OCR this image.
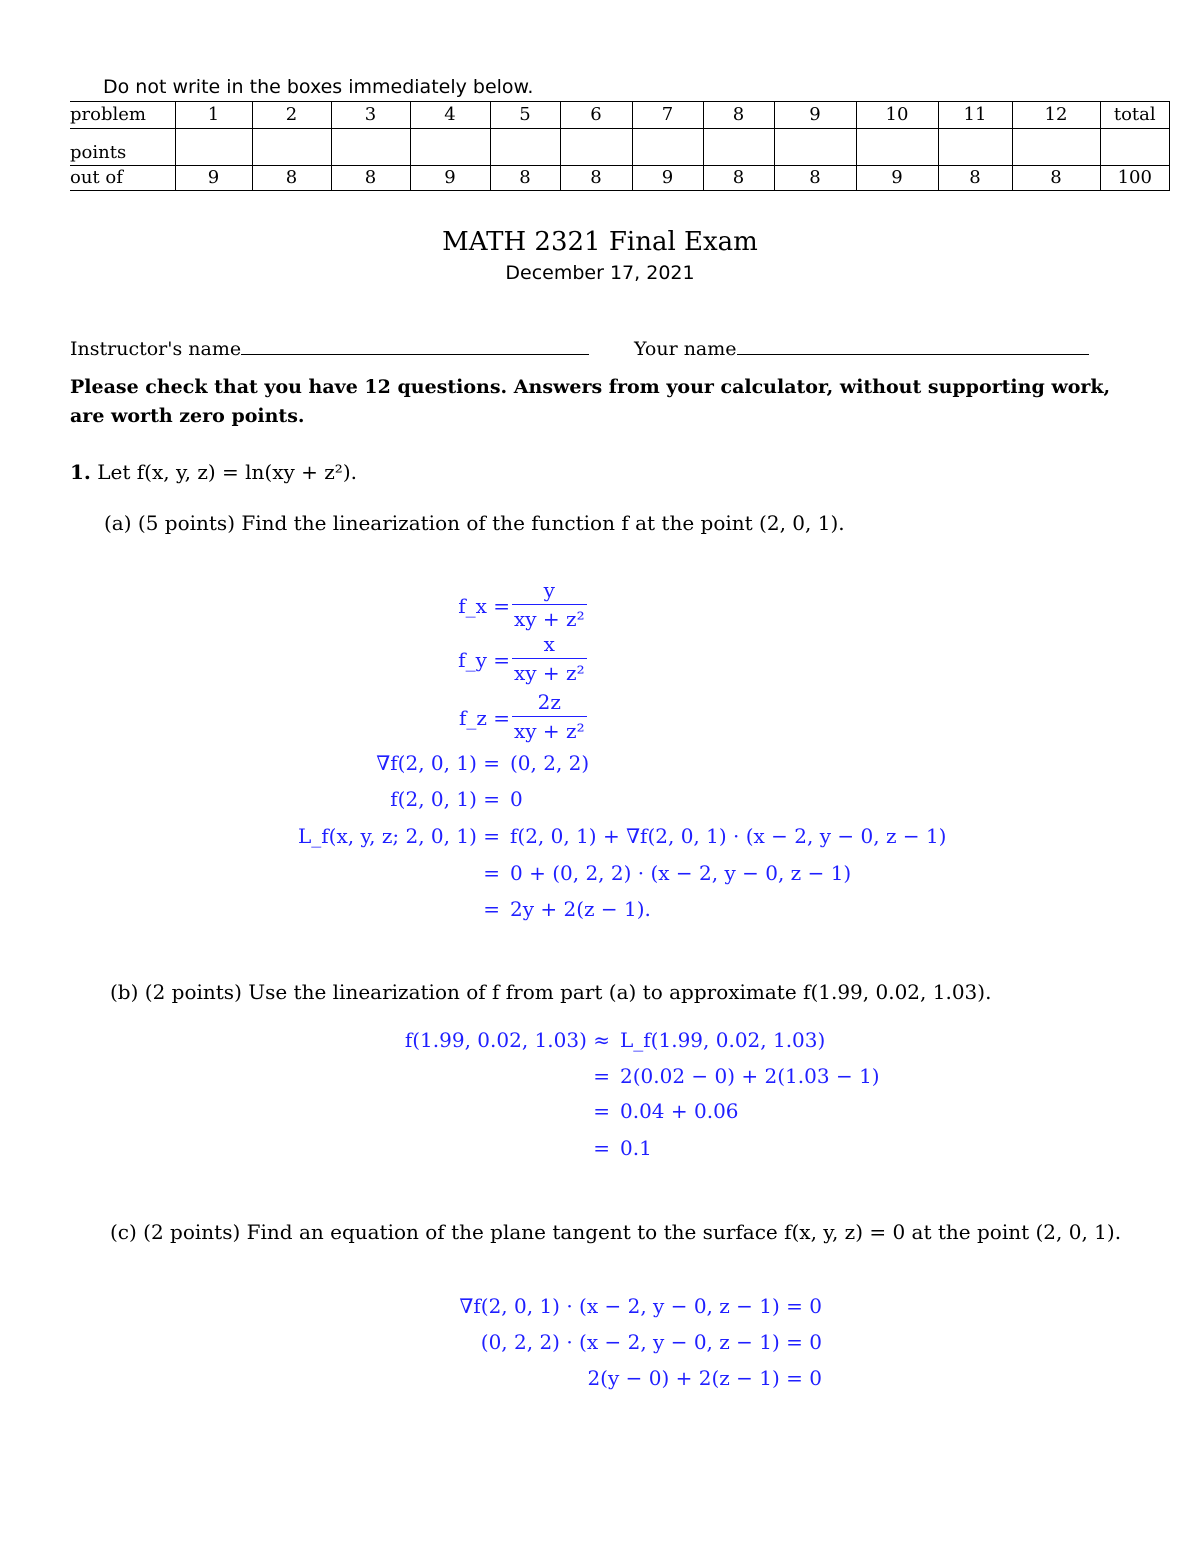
Do not write in the boxes immediately below.
problem	1	2	3	4	5	6	7	8	9	10	11	12	total
points													
out of	9	8	8	9	8	8	9	8	8	9	8	8	100
MATH 2321 Final Exam
December 17, 2021
Instructor's name	Your name
Please check that you have 12 questions. Answers from your calculator, without supporting work, are worth zero points.
1. Let f(x, y, z) = ln(xy + z²).
(a) (5 points) Find the linearization of the function f at the point (2, 0, 1).
f_x = $\frac{y}{\text{xy + z²}}$
f_y = $\frac{x}{\text{xy + z²}}$
f_z = $\frac{2z}{\text{xy + z²}}$
∇f(2, 0, 1) = (0, 2, 2)
f(2, 0, 1) = 0
L_f(x, y, z; 2, 0, 1) = f(2, 0, 1) + ∇f(2, 0, 1) · (x − 2, y − 0, z − 1)
= 0 + (0, 2, 2) · (x − 2, y − 0, z − 1)
= 2y + 2(z − 1).
(b) (2 points) Use the linearization of f from part (a) to approximate f(1.99, 0.02, 1.03).
f(1.99, 0.02, 1.03) ≈ L_f(1.99, 0.02, 1.03)
= 2(0.02 − 0) + 2(1.03 − 1)
= 0.04 + 0.06
= 0.1
(c) (2 points) Find an equation of the plane tangent to the surface f(x, y, z) = 0 at the point (2, 0, 1).
∇f(2, 0, 1) · (x − 2, y − 0, z − 1) = 0
(0, 2, 2) · (x − 2, y − 0, z − 1) = 0
2(y − 0) + 2(z − 1) = 0
